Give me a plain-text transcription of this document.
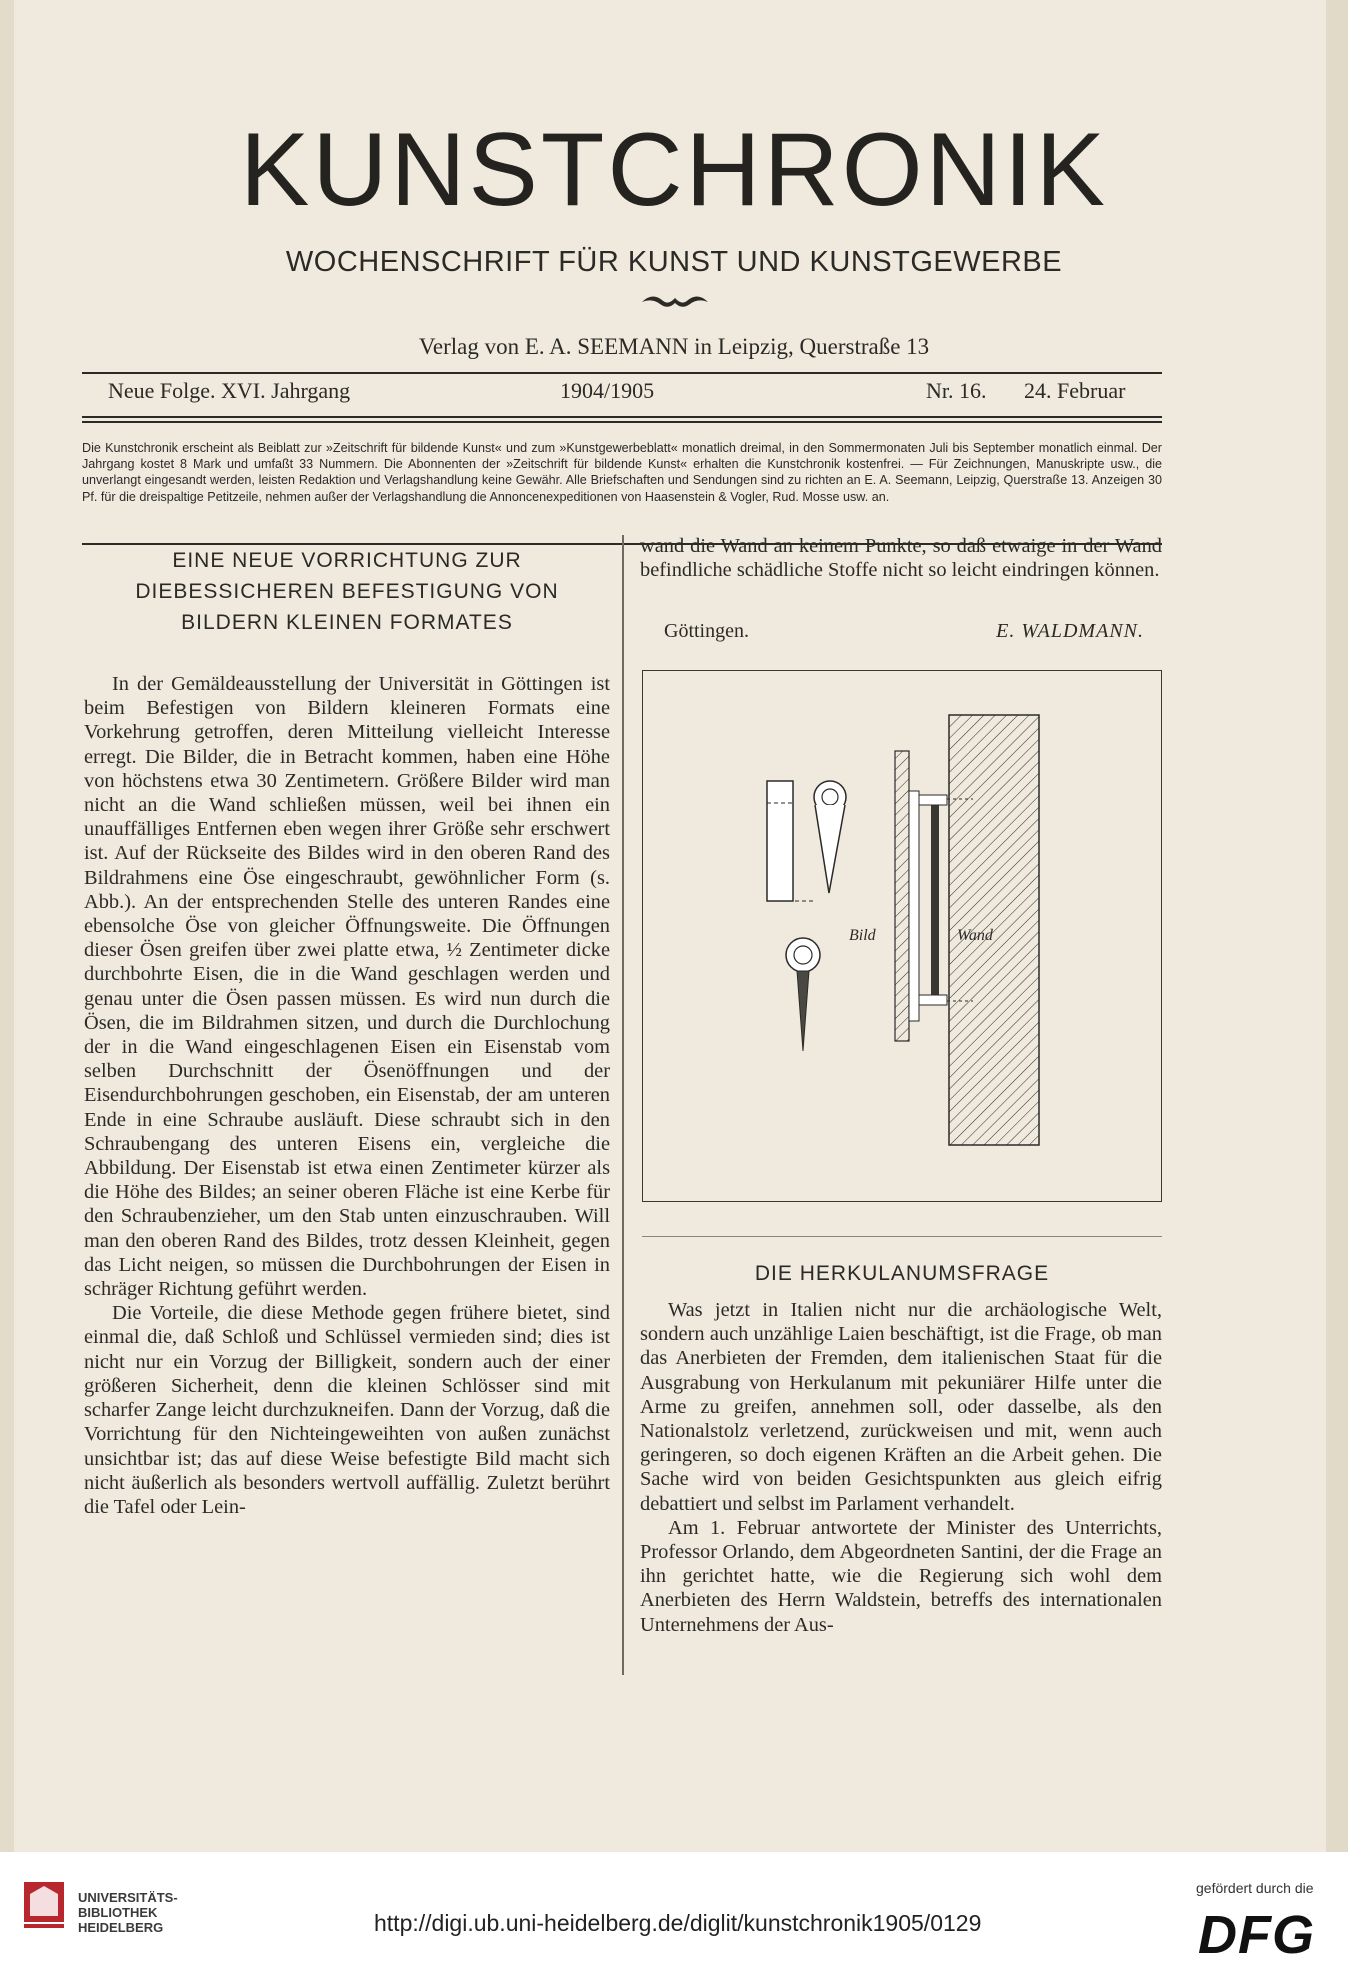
KUNSTCHRONIK
WOCHENSCHRIFT FÜR KUNST UND KUNSTGEWERBE
Verlag von E. A. SEEMANN in Leipzig, Querstraße 13
Neue Folge. XVI. Jahrgang	1904/1905	Nr. 16. 24. Februar
Die Kunstchronik erscheint als Beiblatt zur »Zeitschrift für bildende Kunst« und zum »Kunstgewerbeblatt« monatlich dreimal, in den Sommermonaten Juli bis September monatlich einmal. Der Jahrgang kostet 8 Mark und umfaßt 33 Nummern. Die Abonnenten der »Zeitschrift für bildende Kunst« erhalten die Kunstchronik kostenfrei. — Für Zeichnungen, Manuskripte usw., die unverlangt eingesandt werden, leisten Redaktion und Verlagshandlung keine Gewähr. Alle Briefschaften und Sendungen sind zu richten an E. A. Seemann, Leipzig, Querstraße 13. Anzeigen 30 Pf. für die dreispaltige Petitzeile, nehmen außer der Verlagshandlung die Annoncenexpeditionen von Haasenstein & Vogler, Rud. Mosse usw. an.
EINE NEUE VORRICHTUNG ZUR DIEBESSICHEREN BEFESTIGUNG VON BILDERN KLEINEN FORMATES

In der Gemäldeausstellung der Universität in Göttingen ist beim Befestigen von Bildern kleineren Formats eine Vorkehrung getroffen, deren Mitteilung vielleicht Interesse erregt. Die Bilder, die in Betracht kommen, haben eine Höhe von höchstens etwa 30 Zentimetern. Größere Bilder wird man nicht an die Wand schließen müssen, weil bei ihnen ein unauffälliges Entfernen eben wegen ihrer Größe sehr erschwert ist. Auf der Rückseite des Bildes wird in den oberen Rand des Bildrahmens eine Öse eingeschraubt, gewöhnlicher Form (s. Abb.). An der entsprechenden Stelle des unteren Randes eine ebensolche Öse von gleicher Öffnungsweite. Die Öffnungen dieser Ösen greifen über zwei platte etwa, ½ Zentimeter dicke durchbohrte Eisen, die in die Wand geschlagen werden und genau unter die Ösen passen müssen. Es wird nun durch die Ösen, die im Bildrahmen sitzen, und durch die Durchlochung der in die Wand eingeschlagenen Eisen ein Eisenstab vom selben Durchschnitt der Ösenöffnungen und der Eisendurchbohrungen geschoben, ein Eisenstab, der am unteren Ende in eine Schraube ausläuft. Diese schraubt sich in den Schraubengang des unteren Eisens ein, vergleiche die Abbildung. Der Eisenstab ist etwa einen Zentimeter kürzer als die Höhe des Bildes; an seiner oberen Fläche ist eine Kerbe für den Schraubenzieher, um den Stab unten einzuschrauben. Will man den oberen Rand des Bildes, trotz dessen Kleinheit, gegen das Licht neigen, so müssen die Durchbohrungen der Eisen in schräger Richtung geführt werden.

Die Vorteile, die diese Methode gegen frühere bietet, sind einmal die, daß Schloß und Schlüssel vermieden sind; dies ist nicht nur ein Vorzug der Billigkeit, sondern auch der einer größeren Sicherheit, denn die kleinen Schlösser sind mit scharfer Zange leicht durchzukneifen. Dann der Vorzug, daß die Vorrichtung für den Nichteingeweihten von außen zunächst unsichtbar ist; das auf diese Weise befestigte Bild macht sich nicht äußerlich als besonders wertvoll auffällig. Zuletzt berührt die Tafel oder Lein-

wand die Wand an keinem Punkte, so daß etwaige in der Wand befindliche schädliche Stoffe nicht so leicht eindringen können.

Göttingen.	E. WALDMANN.
Bild	Wand
DIE HERKULANUMSFRAGE

Was jetzt in Italien nicht nur die archäologische Welt, sondern auch unzählige Laien beschäftigt, ist die Frage, ob man das Anerbieten der Fremden, dem italienischen Staat für die Ausgrabung von Herkulanum mit pekuniärer Hilfe unter die Arme zu greifen, annehmen soll, oder dasselbe, als den Nationalstolz verletzend, zurückweisen und mit, wenn auch geringeren, so doch eigenen Kräften an die Arbeit gehen. Die Sache wird von beiden Gesichtspunkten aus gleich eifrig debattiert und selbst im Parlament verhandelt.

Am 1. Februar antwortete der Minister des Unterrichts, Professor Orlando, dem Abgeordneten Santini, der die Frage an ihn gerichtet hatte, wie die Regierung sich wohl dem Anerbieten des Herrn Waldstein, betreffs des internationalen Unternehmens der Aus-

UNIVERSITÄTS-
BIBLIOTHEK
HEIDELBERG	http://digi.ub.uni-heidelberg.de/diglit/kunstchronik1905/0129
gefördert durch die
DFG
